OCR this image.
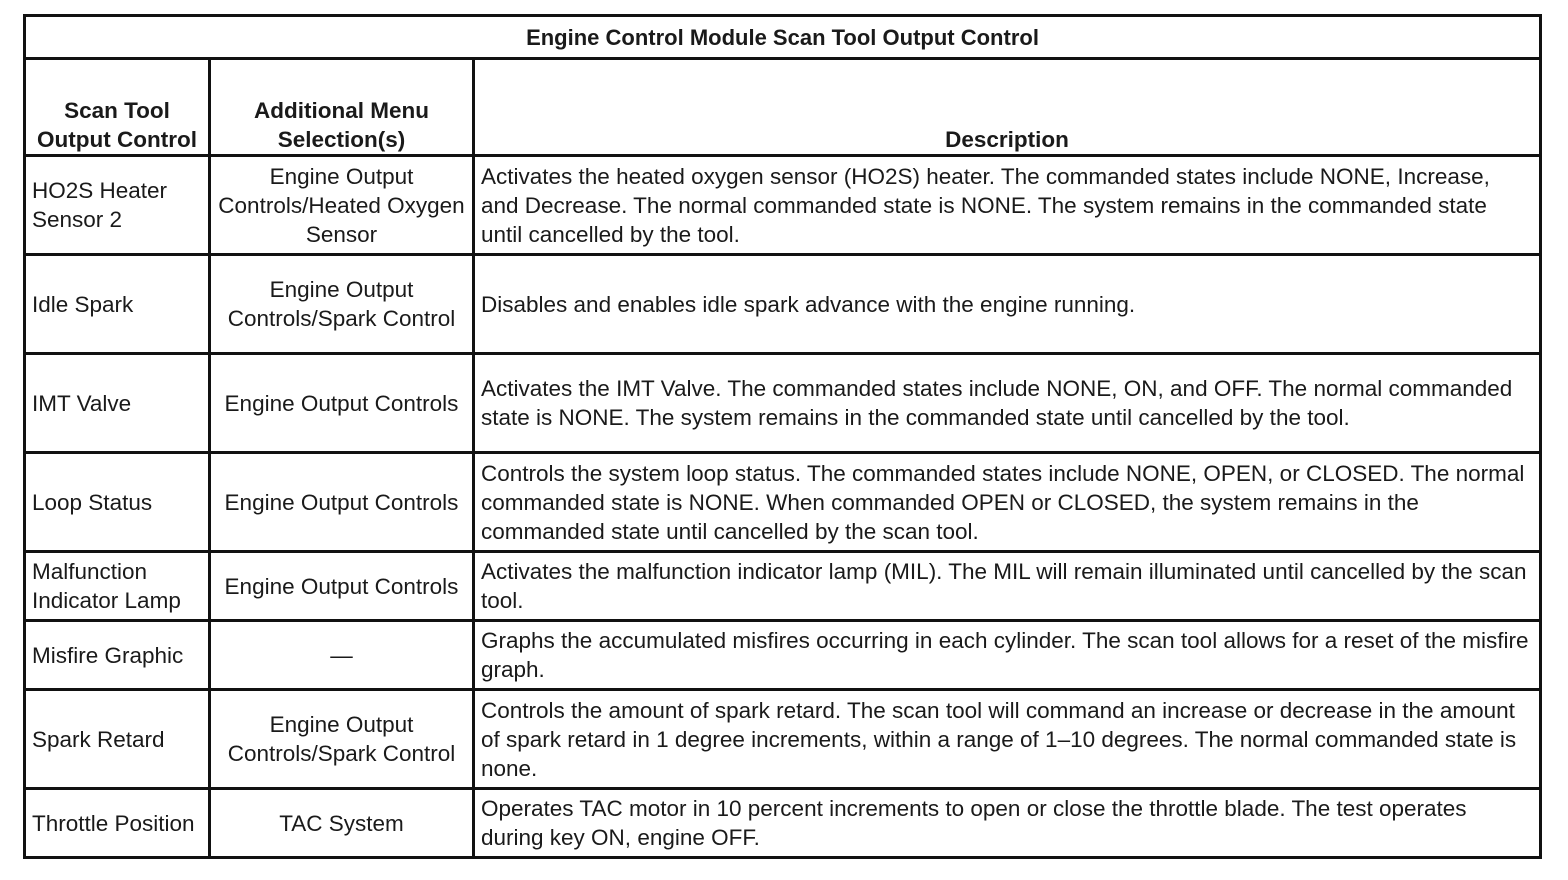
Engine Control Module Scan Tool Output Control		
Scan Tool Output Control	Additional Menu Selection(s)	Description
HO2S Heater Sensor 2	Engine Output Controls/Heated Oxygen Sensor	Activates the heated oxygen sensor (HO2S) heater. The commanded states include NONE, Increase, and Decrease. The normal commanded state is NONE. The system remains in the commanded state until cancelled by the tool.
Idle Spark	Engine Output Controls/Spark Control	Disables and enables idle spark advance with the engine running.
IMT Valve	Engine Output Controls	Activates the IMT Valve. The commanded states include NONE, ON, and OFF. The normal commanded state is NONE. The system remains in the commanded state until cancelled by the tool.
Loop Status	Engine Output Controls	Controls the system loop status. The commanded states include NONE, OPEN, or CLOSED. The normal commanded state is NONE. When commanded OPEN or CLOSED, the system remains in the commanded state until cancelled by the scan tool.
Malfunction Indicator Lamp	Engine Output Controls	Activates the malfunction indicator lamp (MIL). The MIL will remain illuminated until cancelled by the scan tool.
Misfire Graphic	—	Graphs the accumulated misfires occurring in each cylinder. The scan tool allows for a reset of the misfire graph.
Spark Retard	Engine Output Controls/Spark Control	Controls the amount of spark retard. The scan tool will command an increase or decrease in the amount of spark retard in 1 degree increments, within a range of 1–10 degrees. The normal commanded state is none.
Throttle Position	TAC System	Operates TAC motor in 10 percent increments to open or close the throttle blade. The test operates during key ON, engine OFF.
